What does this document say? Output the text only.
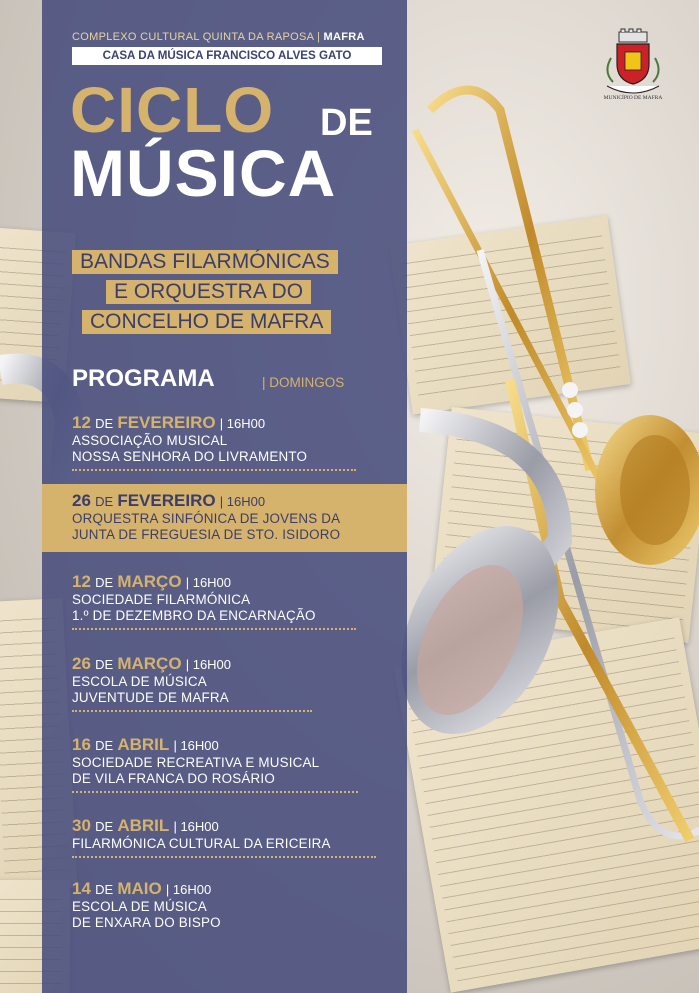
MUNICÍPIO DE MAFRA
COMPLEXO CULTURAL QUINTA DA RAPOSA | MAFRA
CASA DA MÚSICA FRANCISCO ALVES GATO
CICLO DE
MÚSICA
BANDAS FILARMÓNICAS
E ORQUESTRA DO
CONCELHO DE MAFRA
PROGRAMA	| DOMINGOS
12 DE FEVEREIRO | 16H00
ASSOCIAÇÃO MUSICAL
NOSSA SENHORA DO LIVRAMENTO
26 DE FEVEREIRO | 16H00
ORQUESTRA SINFÓNICA DE JOVENS DA
JUNTA DE FREGUESIA DE STO. ISIDORO
12 DE MARÇO | 16H00
SOCIEDADE FILARMÓNICA
1.º DE DEZEMBRO DA ENCARNAÇÃO
26 DE MARÇO | 16H00
ESCOLA DE MÚSICA
JUVENTUDE DE MAFRA
16 DE ABRIL | 16H00
SOCIEDADE RECREATIVA E MUSICAL
DE VILA FRANCA DO ROSÁRIO
30 DE ABRIL | 16H00
FILARMÓNICA CULTURAL DA ERICEIRA
14 DE MAIO | 16H00
ESCOLA DE MÚSICA
DE ENXARA DO BISPO
